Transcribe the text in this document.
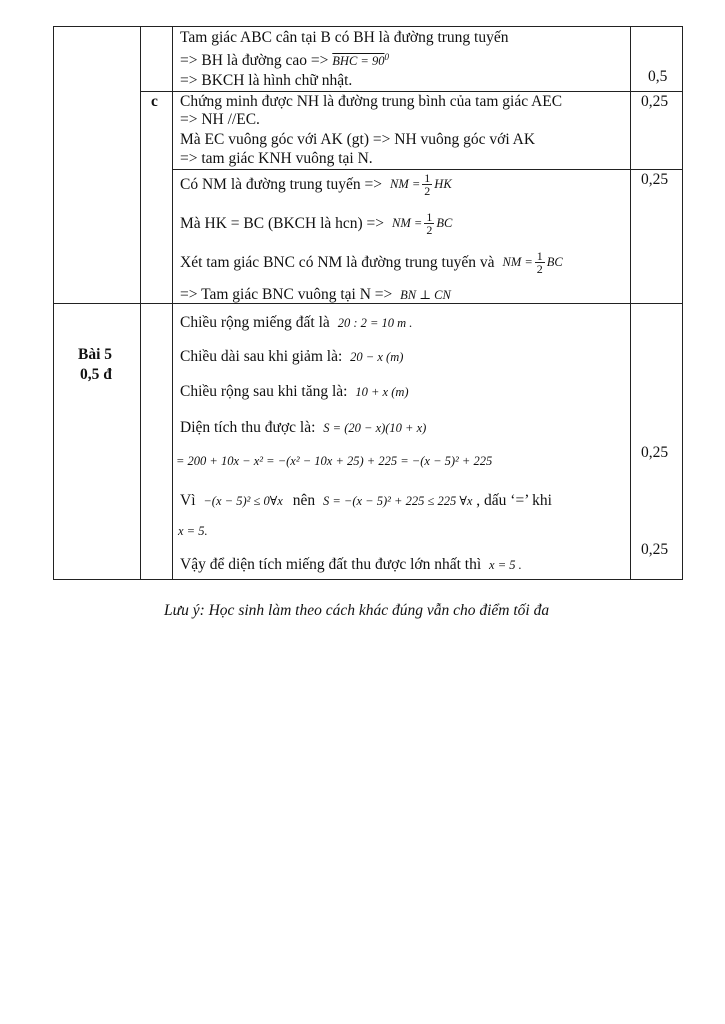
Tam giác ABC cân tại B có BH là đường trung tuyến
=> BH là đường cao => BHC = $90^0$
=> BKCH là hình chữ nhật.	0,5
c Chứng minh được NH là đường trung bình của tam giác AEC
=> NH //EC.
Mà EC vuông góc với AK (gt) => NH vuông góc với AK
=> tam giác KNH vuông tại N.
0,25
Có NM là đường trung tuyến => NM = $\frac{1}{2}$ HK
Mà HK = BC (BKCH là hcn) => NM = $\frac{1}{2}$ BC
Xét tam giác BNC có NM là đường trung tuyến và NM = $\frac{1}{2}$ BC
=> Tam giác BNC vuông tại N => BN ⊥ CN
0,25
Bài 5
0,5 đ
Chiều rộng miếng đất là 20 : 2 = 10 m .
Chiều dài sau khi giảm là: 20 − x (m)
Chiều rộng sau khi tăng là: 10 + x (m)
Diện tích thu được là: S = (20 − x)(10 + x)
= 200 + 10x − x² = −(x² − 10x + 25) + 225 = −(x − 5)² + 225
Vì −(x − 5)² ≤ 0∀x nên S = −(x − 5)² + 225 ≤ 225 ∀x , dấu ‘=’ khi
x = 5.
Vậy để diện tích miếng đất thu được lớn nhất thì x = 5 .
0,25
0,25
Lưu ý: Học sinh làm theo cách khác đúng vẫn cho điểm tối đa
